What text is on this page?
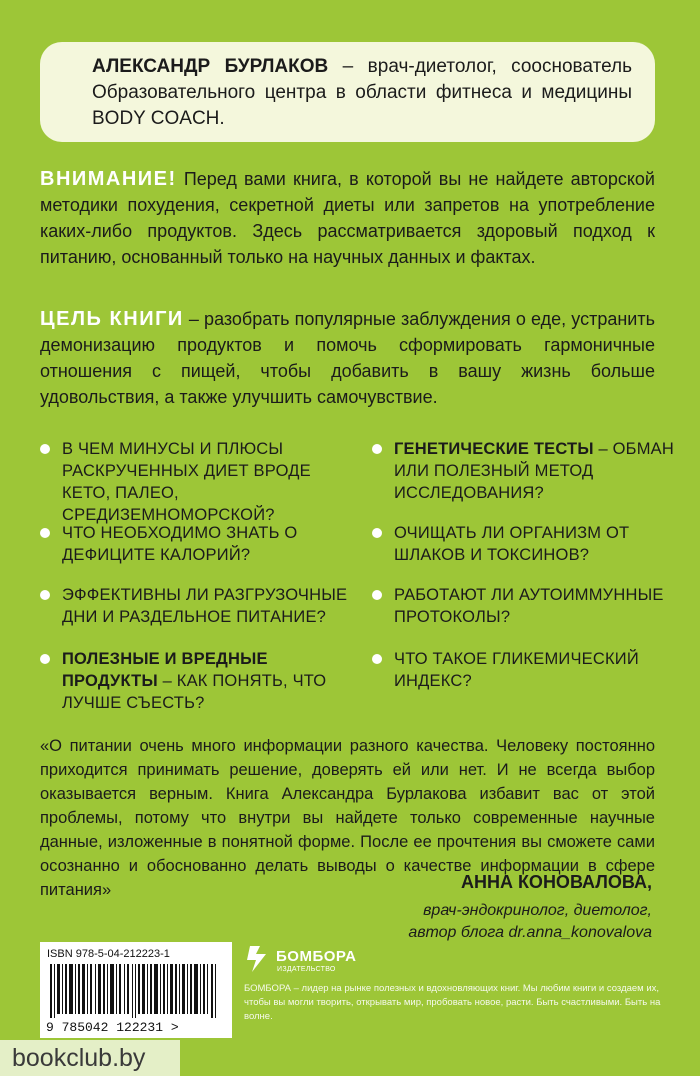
АЛЕКСАНДР БУРЛАКОВ – врач-диетолог, сооснователь Образовательного центра в области фитнеса и медицины BODY COACH.

ВНИМАНИЕ! Перед вами книга, в которой вы не найдете авторской методики похудения, секретной диеты или запретов на употребление каких-либо продуктов. Здесь рассматривается здоровый подход к питанию, основанный только на научных данных и фактах.

ЦЕЛЬ КНИГИ – разобрать популярные заблуждения о еде, устранить демонизацию продуктов и помочь сформировать гармоничные отношения с пищей, чтобы добавить в вашу жизнь больше удовольствия, а также улучшить самочувствие.

В ЧЕМ МИНУСЫ И ПЛЮСЫ РАСКРУЧЕННЫХ ДИЕТ ВРОДЕ КЕТО, ПАЛЕО, СРЕДИЗЕМНОМОРСКОЙ?
ЧТО НЕОБХОДИМО ЗНАТЬ О ДЕФИЦИТЕ КАЛОРИЙ?
ЭФФЕКТИВНЫ ЛИ РАЗГРУЗОЧНЫЕ ДНИ И РАЗДЕЛЬНОЕ ПИТАНИЕ?
ПОЛЕЗНЫЕ И ВРЕДНЫЕ ПРОДУКТЫ – КАК ПОНЯТЬ, ЧТО ЛУЧШЕ СЪЕСТЬ?
ГЕНЕТИЧЕСКИЕ ТЕСТЫ – ОБМАН ИЛИ ПОЛЕЗНЫЙ МЕТОД ИССЛЕДОВАНИЯ?
ОЧИЩАТЬ ЛИ ОРГАНИЗМ ОТ ШЛАКОВ И ТОКСИНОВ?
РАБОТАЮТ ЛИ АУТОИММУННЫЕ ПРОТОКОЛЫ?
ЧТО ТАКОЕ ГЛИКЕМИЧЕСКИЙ ИНДЕКС?

«О питании очень много информации разного качества. Человеку постоянно приходится принимать решение, доверять ей или нет. И не всегда выбор оказывается верным. Книга Александра Бурлакова избавит вас от этой проблемы, потому что внутри вы найдете только современные научные данные, изложенные в понятной форме. После ее прочтения вы сможете сами осознанно и обоснованно делать выводы о качестве информации в сфере питания»	АННА КОНОВАЛОВА,
врач-эндокринолог, диетолог,
автор блога dr.anna_konovalova
ISBN 978-5-04-212223-1
9 785042 122231 >
БОМБОРА
ИЗДАТЕЛЬСТВО
БОМБОРА – лидер на рынке полезных и вдохновляющих книг. Мы любим книги и создаем их, чтобы вы могли творить, открывать мир, пробовать новое, расти. Быть счастливыми. Быть на волне.
bookclub.by
